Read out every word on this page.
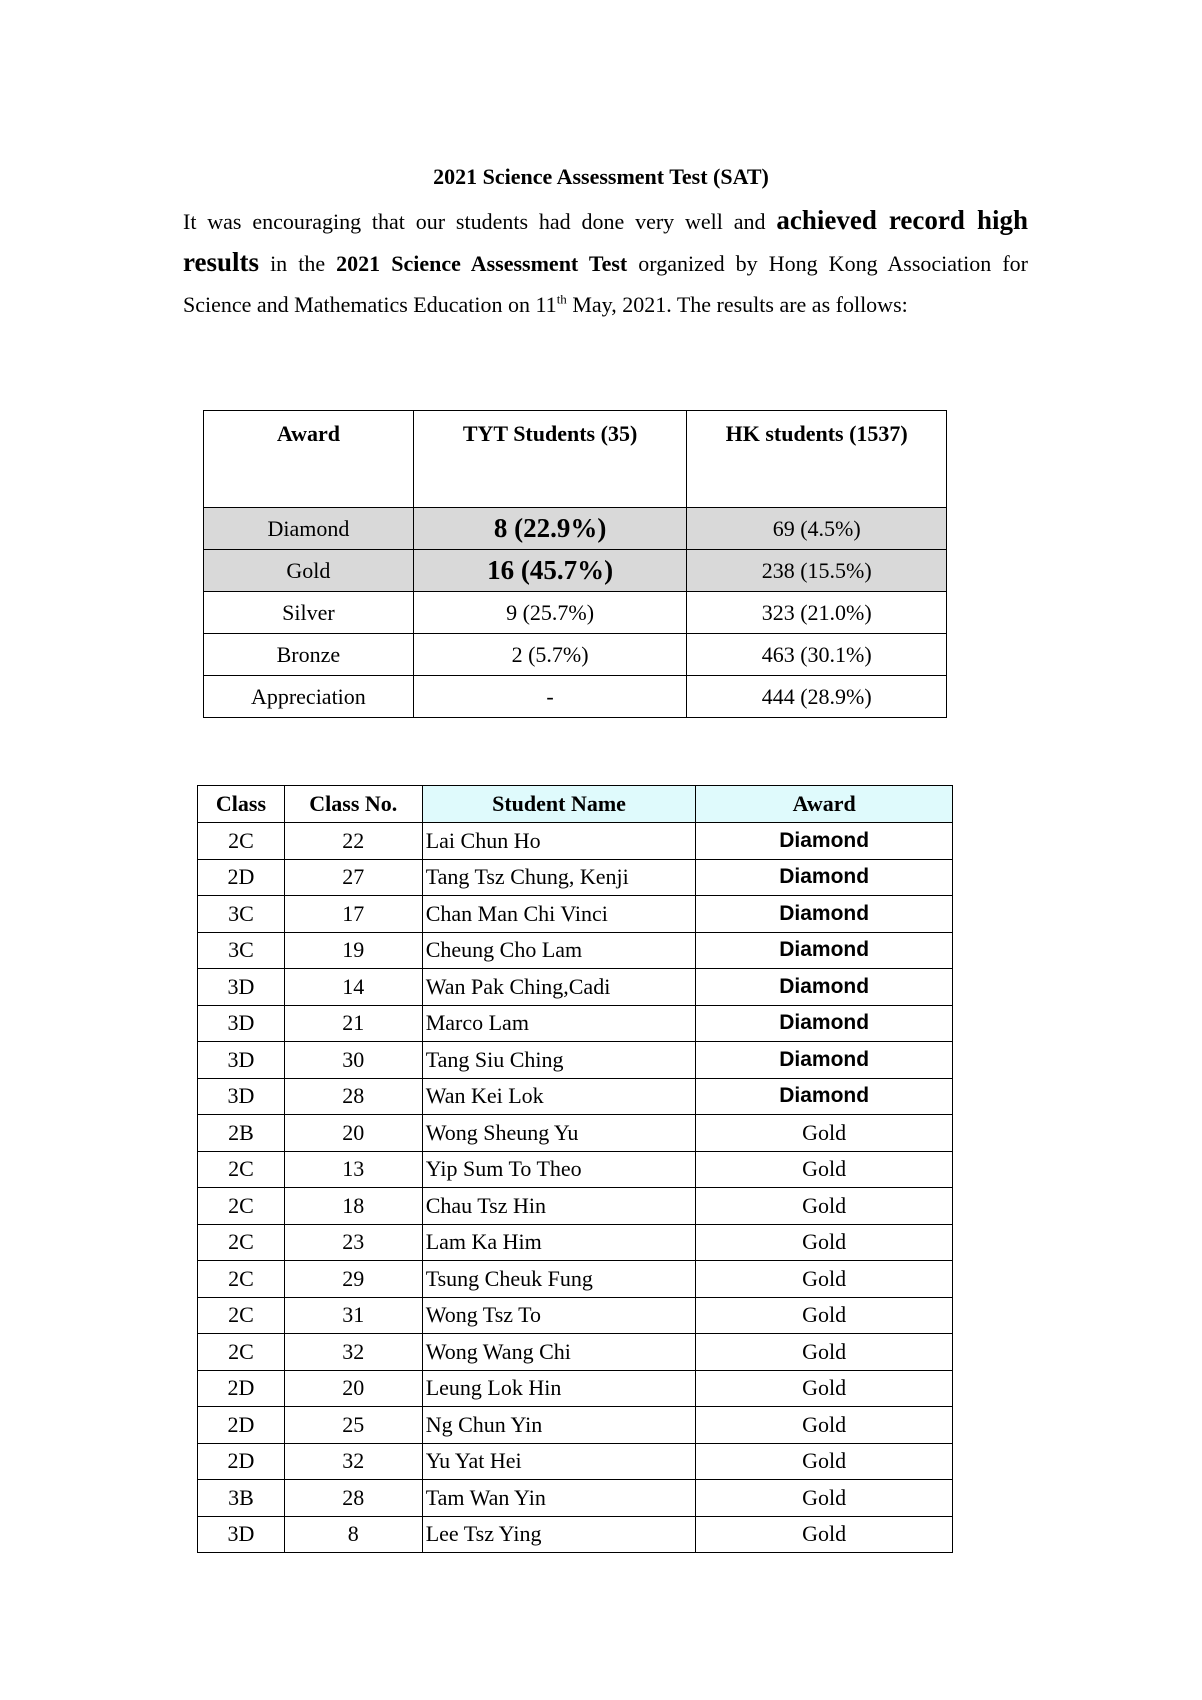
2021 Science Assessment Test (SAT)
It was encouraging that our students had done very well and achieved record high results in the 2021 Science Assessment Test organized by Hong Kong Association for Science and Mathematics Education on 11th May, 2021. The results are as follows:
Award	TYT Students (35)	HK students (1537)
Diamond	8 (22.9%)	69 (4.5%)
Gold	16 (45.7%)	238 (15.5%)
Silver	9 (25.7%)	323 (21.0%)
Bronze	2 (5.7%)	463 (30.1%)
Appreciation	-	444 (28.9%)
Class	Class No.	Student Name	Award
2C	22	Lai Chun Ho	Diamond
2D	27	Tang Tsz Chung, Kenji	Diamond
3C	17	Chan Man Chi Vinci	Diamond
3C	19	Cheung Cho Lam	Diamond
3D	14	Wan Pak Ching,Cadi	Diamond
3D	21	Marco Lam	Diamond
3D	30	Tang Siu Ching	Diamond
3D	28	Wan Kei Lok	Diamond
2B	20	Wong Sheung Yu	Gold
2C	13	Yip Sum To Theo	Gold
2C	18	Chau Tsz Hin	Gold
2C	23	Lam Ka Him	Gold
2C	29	Tsung Cheuk Fung	Gold
2C	31	Wong Tsz To	Gold
2C	32	Wong Wang Chi	Gold
2D	20	Leung Lok Hin	Gold
2D	25	Ng Chun Yin	Gold
2D	32	Yu Yat Hei	Gold
3B	28	Tam Wan Yin	Gold
3D	8	Lee Tsz Ying	Gold
